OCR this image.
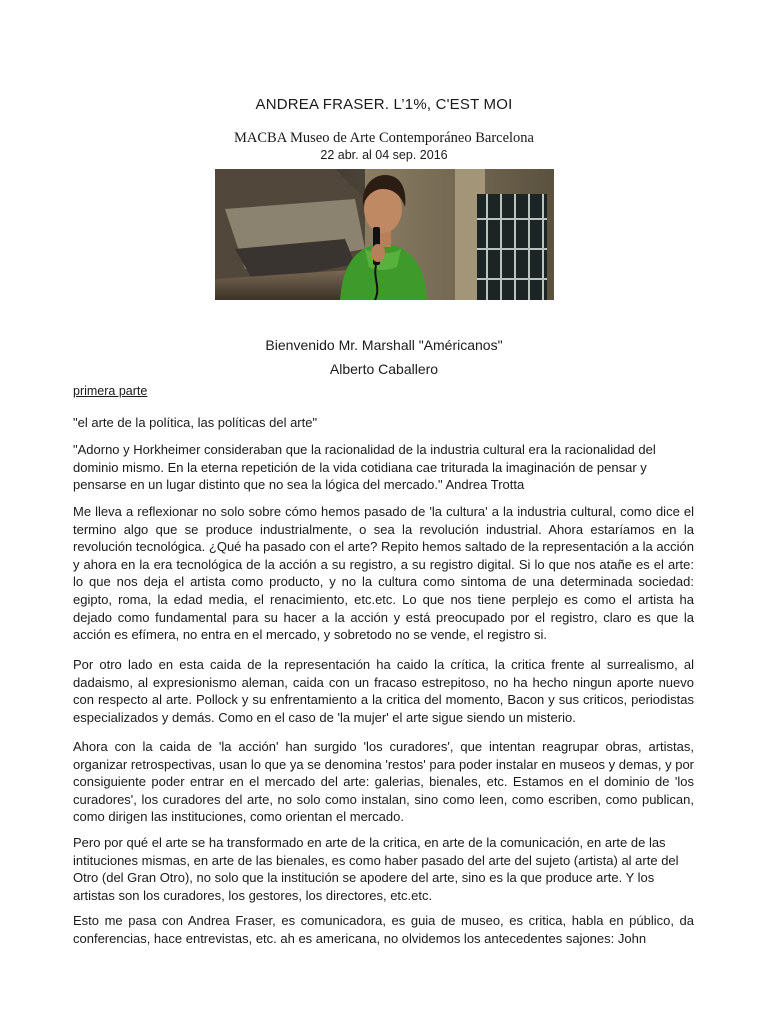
ANDREA FRASER. L’1%, C'EST MOI
MACBA Museo de Arte Contemporáneo Barcelona
22 abr. al 04 sep. 2016
Bienvenido Mr. Marshall "Américanos"
Alberto Caballero
primera parte
"el arte de la política, las políticas del arte"
"Adorno y Horkheimer consideraban que la racionalidad de la industria cultural era la racionalidad del dominio mismo. En la eterna repetición de la vida cotidiana cae triturada la imaginación de pensar y pensarse en un lugar distinto que no sea la lógica del mercado." Andrea Trotta
Me lleva a reflexionar no solo sobre cómo hemos pasado de 'la cultura' a la industria cultural, como dice el termino algo que se produce industrialmente, o sea la revolución industrial. Ahora estaríamos en la revolución tecnológica. ¿Qué ha pasado con el arte? Repito hemos saltado de la representación a la acción y ahora en la era tecnológica de la acción a su registro, a su registro digital. Si lo que nos atañe es el arte: lo que nos deja el artista como producto, y no la cultura como sintoma de una determinada sociedad: egipto, roma, la edad media, el renacimiento, etc.etc. Lo que nos tiene perplejo es como el artista ha dejado como fundamental para su hacer a la acción y está preocupado por el registro, claro es que la acción es efímera, no entra en el mercado, y sobretodo no se vende, el registro si.
Por otro lado en esta caida de la representación ha caido la crítica, la critica frente al surrealismo, al dadaismo, al expresionismo aleman, caida con un fracaso estrepitoso, no ha hecho ningun aporte nuevo con respecto al arte. Pollock y su enfrentamiento a la critica del momento, Bacon y sus criticos, periodistas especializados y demás. Como en el caso de 'la mujer' el arte sigue siendo un misterio.
Ahora con la caida de 'la acción' han surgido 'los curadores', que intentan reagrupar obras, artistas, organizar retrospectivas, usan lo que ya se denomina 'restos' para poder instalar en museos y demas, y por consiguiente poder entrar en el mercado del arte: galerias, bienales, etc. Estamos en el dominio de 'los curadores', los curadores del arte, no solo como instalan, sino como leen, como escriben, como publican, como dirigen las instituciones, como orientan el mercado.
Pero por qué el arte se ha transformado en arte de la critica, en arte de la comunicación, en arte de las intituciones mismas, en arte de las bienales, es como haber pasado del arte del sujeto (artista) al arte del Otro (del Gran Otro), no solo que la institución se apodere del arte, sino es la que produce arte. Y los artistas son los curadores, los gestores, los directores, etc.etc.
Esto me pasa con Andrea Fraser, es comunicadora, es guia de museo, es critica, habla en público, da conferencias, hace entrevistas, etc. ah es americana, no olvidemos los antecedentes sajones: John
